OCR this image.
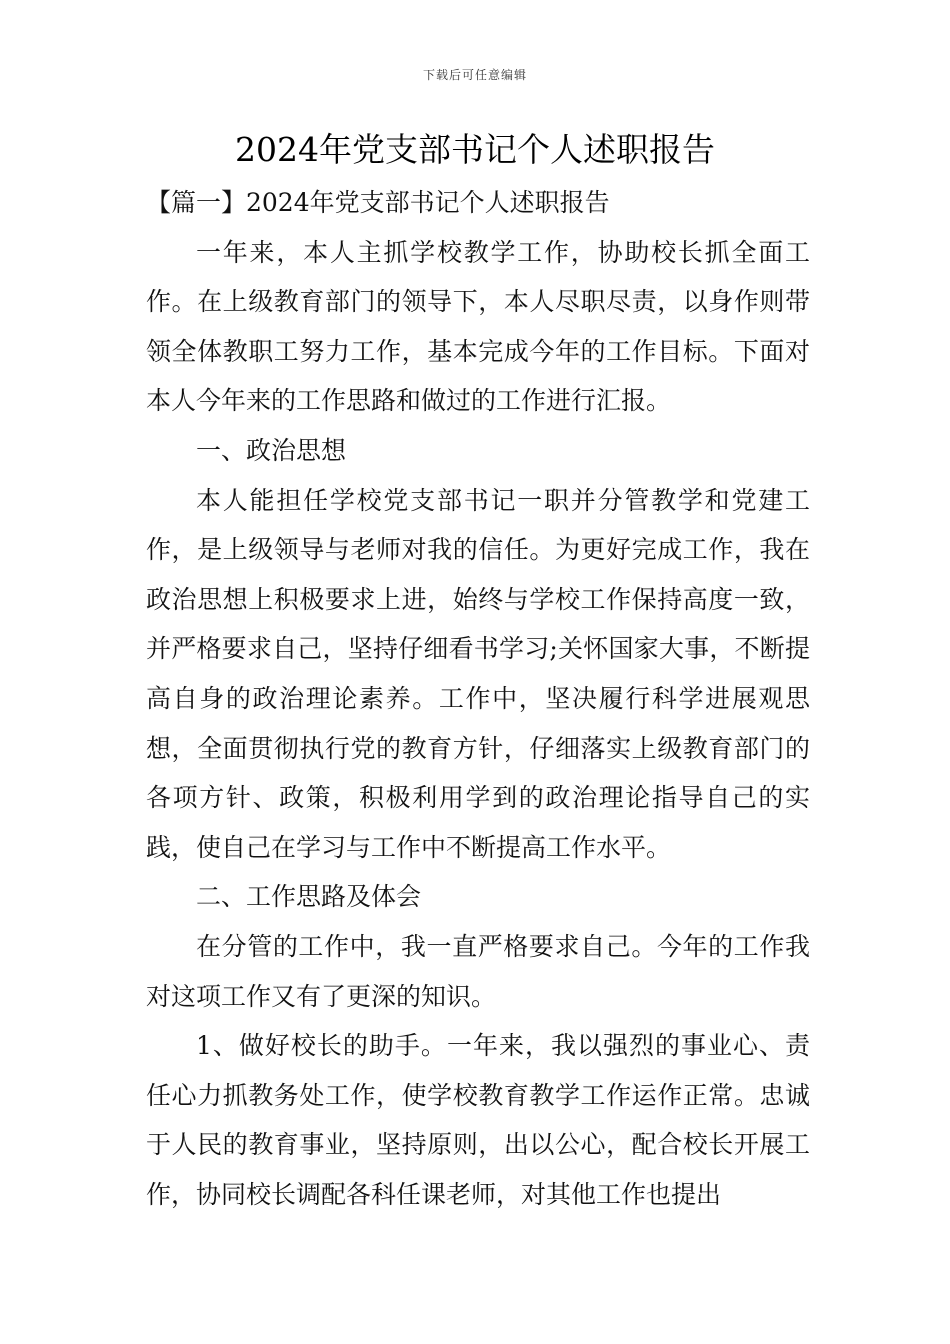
下载后可任意编辑
2024年党支部书记个人述职报告

【篇一】2024年党支部书记个人述职报告

一年来，本人主抓学校教学工作，协助校长抓全面工作。在上级教育部门的领导下，本人尽职尽责，以身作则带领全体教职工努力工作，基本完成今年的工作目标。下面对本人今年来的工作思路和做过的工作进行汇报。

一、政治思想

本人能担任学校党支部书记一职并分管教学和党建工作，是上级领导与老师对我的信任。为更好完成工作，我在政治思想上积极要求上进，始终与学校工作保持高度一致，并严格要求自己，坚持仔细看书学习;关怀国家大事，不断提高自身的政治理论素养。工作中，坚决履行科学进展观思想，全面贯彻执行党的教育方针，仔细落实上级教育部门的各项方针、政策，积极利用学到的政治理论指导自己的实践，使自己在学习与工作中不断提高工作水平。

二、工作思路及体会

在分管的工作中，我一直严格要求自己。今年的工作我对这项工作又有了更深的知识。

1、做好校长的助手。一年来，我以强烈的事业心、责任心力抓教务处工作，使学校教育教学工作运作正常。忠诚于人民的教育事业，坚持原则，出以公心，配合校长开展工作，协同校长调配各科任课老师，对其他工作也提出
